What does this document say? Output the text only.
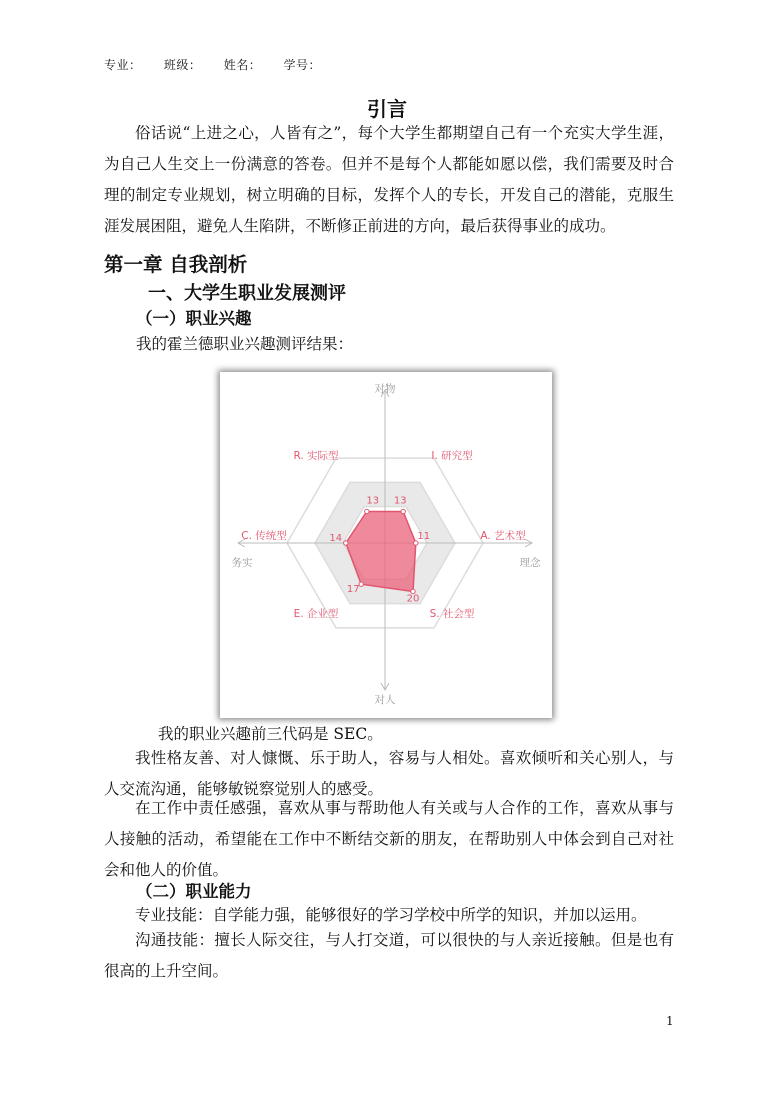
专业： 班级： 姓名： 学号：
引言

俗话说“上进之心，人皆有之”，每个大学生都期望自己有一个充实大学生涯，为自己人生交上一份满意的答卷。但并不是每个人都能如愿以偿，我们需要及时合理的制定专业规划，树立明确的目标，发挥个人的专长，开发自己的潜能，克服生涯发展困阻，避免人生陷阱，不断修正前进的方向，最后获得事业的成功。

第一章 自我剖析
一、大学生职业发展测评
（一）职业兴趣
我的霍兰德职业兴趣测评结果：
13
11
20
17
14
13
I. 研究型
A. 艺术型
S. 社会型
E. 企业型
C. 传统型
R. 实际型
对物
对人
务实	理念
我的职业兴趣前三代码是 SEC。

我性格友善、对人慷慨、乐于助人，容易与人相处。喜欢倾听和关心别人，与人交流沟通，能够敏锐察觉别人的感受。

在工作中责任感强，喜欢从事与帮助他人有关或与人合作的工作，喜欢从事与人接触的活动，希望能在工作中不断结交新的朋友，在帮助别人中体会到自己对社会和他人的价值。

（二）职业能力

专业技能：自学能力强，能够很好的学习学校中所学的知识，并加以运用。

沟通技能：擅长人际交往，与人打交道，可以很快的与人亲近接触。但是也有很高的上升空间。

1
